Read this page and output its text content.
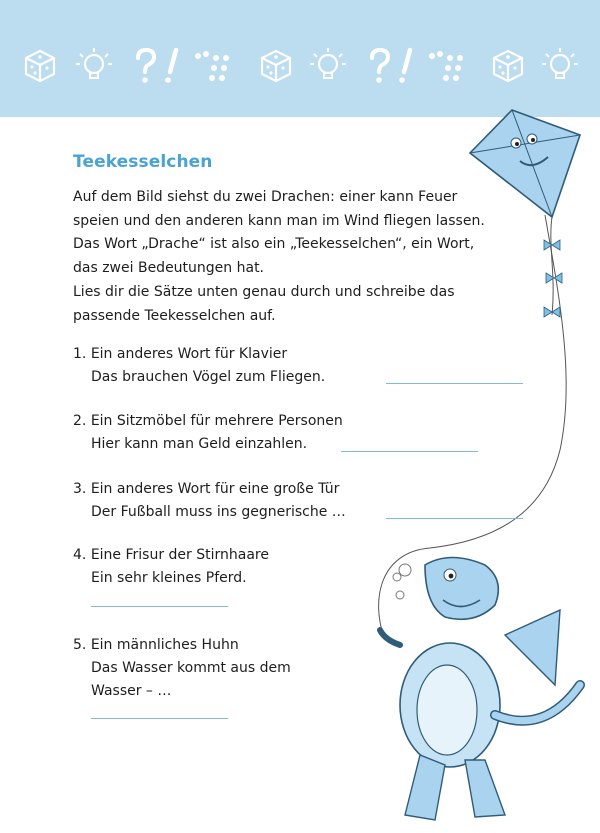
Teekesselchen
Auf dem Bild siehst du zwei Drachen: einer kann Feuer
speien und den anderen kann man im Wind fliegen lassen.
Das Wort „Drache“ ist also ein „Teekesselchen“, ein Wort,
das zwei Bedeutungen hat.
Lies dir die Sätze unten genau durch und schreibe das
passende Teekesselchen auf.
1. Ein anderes Wort für Klavier
Das brauchen Vögel zum Fliegen.
2. Ein Sitzmöbel für mehrere Personen
Hier kann man Geld einzahlen.
3. Ein anderes Wort für eine große Tür
Der Fußball muss ins gegnerische …
4. Eine Frisur der Stirnhaare
Ein sehr kleines Pferd.
5. Ein männliches Huhn
Das Wasser kommt aus dem
Wasser – …
